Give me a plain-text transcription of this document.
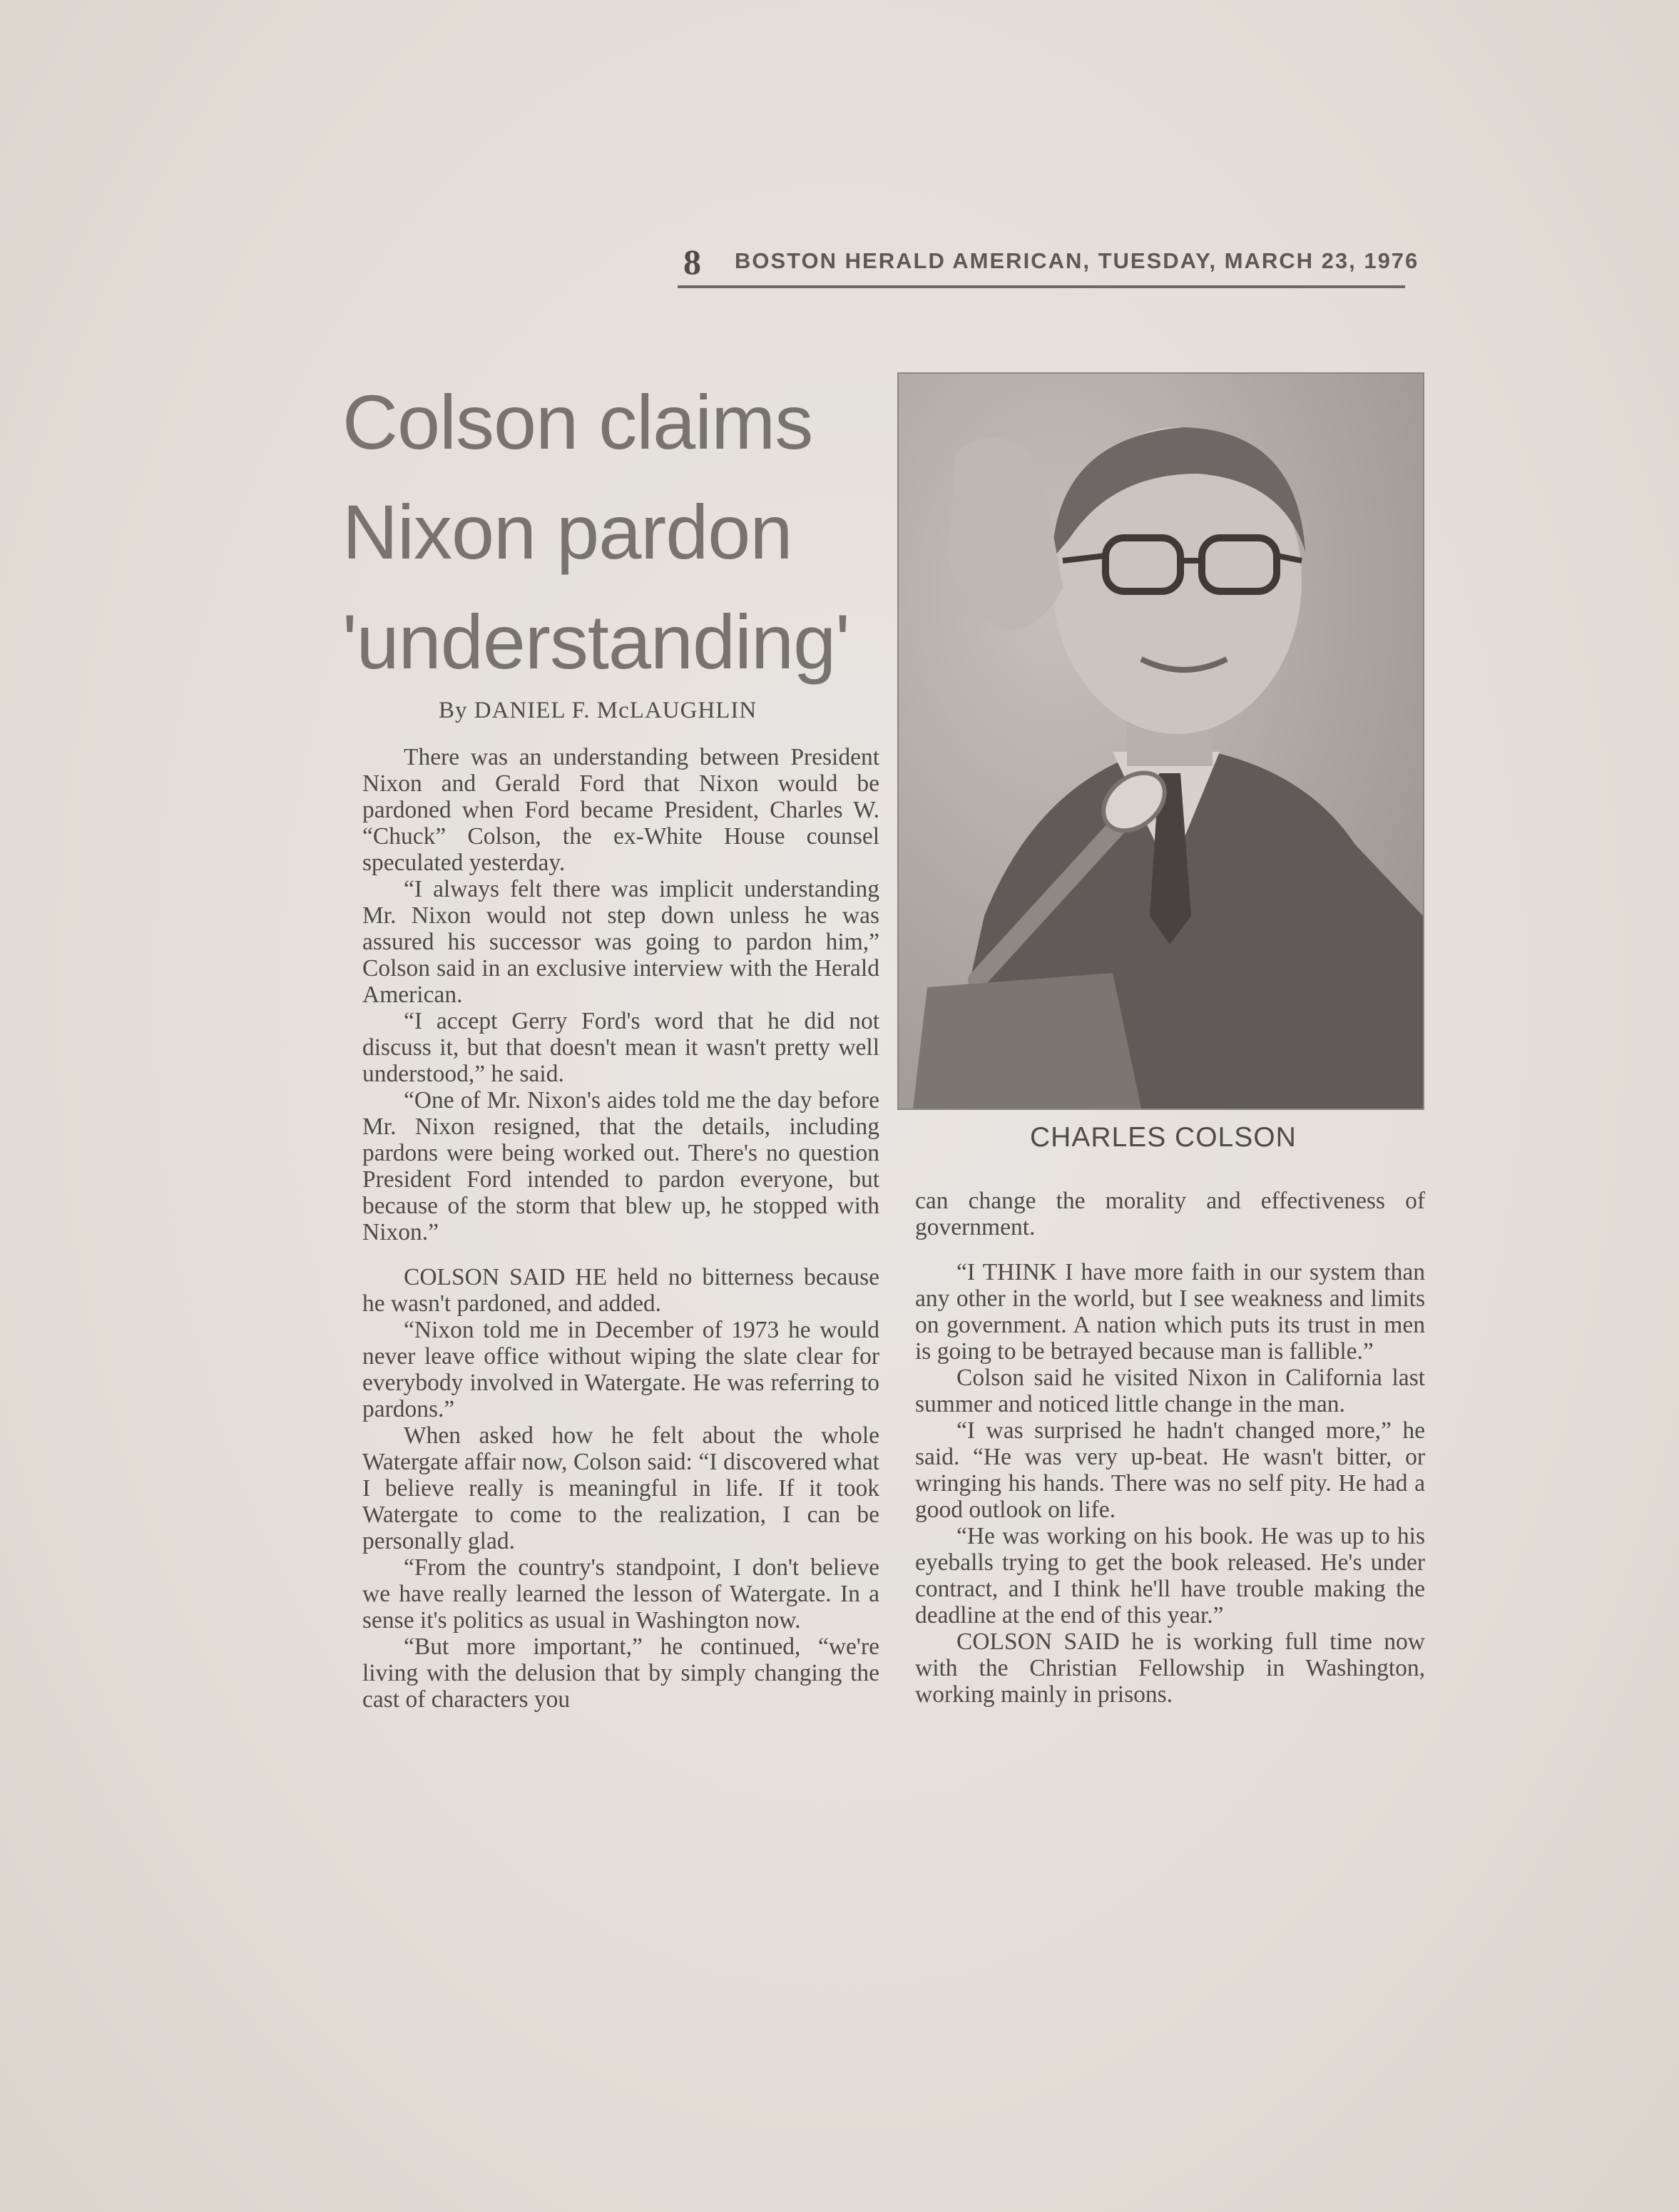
8 BOSTON HERALD AMERICAN, TUESDAY, MARCH 23, 1976
Colson claims
Nixon pardon
'understanding'
By DANIEL F. McLAUGHLIN

There was an understanding between President Nixon and Gerald Ford that Nixon would be pardoned when Ford became President, Charles W. “Chuck” Colson, the ex-White House counsel speculated yesterday.

“I always felt there was implicit understanding Mr. Nixon would not step down unless he was assured his successor was going to pardon him,” Colson said in an exclusive interview with the Herald American.

“I accept Gerry Ford's word that he did not discuss it, but that doesn't mean it wasn't pretty well understood,” he said.

“One of Mr. Nixon's aides told me the day before Mr. Nixon resigned, that the details, including pardons were being worked out. There's no question President Ford intended to pardon everyone, but because of the storm that blew up, he stopped with Nixon.”

COLSON SAID HE held no bitterness because he wasn't pardoned, and added.

“Nixon told me in December of 1973 he would never leave office without wiping the slate clear for everybody involved in Watergate. He was referring to pardons.”

When asked how he felt about the whole Watergate affair now, Colson said: “I discovered what I believe really is meaningful in life. If it took Watergate to come to the realization, I can be personally glad.

“From the country's standpoint, I don't believe we have really learned the lesson of Watergate. In a sense it's politics as usual in Washington now.

“But more important,” he continued, “we're living with the delusion that by simply changing the cast of characters you

CHARLES COLSON

can change the morality and effectiveness of government.

“I THINK I have more faith in our system than any other in the world, but I see weakness and limits on government. A nation which puts its trust in men is going to be betrayed because man is fallible.”

Colson said he visited Nixon in California last summer and noticed little change in the man.

“I was surprised he hadn't changed more,” he said. “He was very up-beat. He wasn't bitter, or wringing his hands. There was no self pity. He had a good outlook on life.

“He was working on his book. He was up to his eyeballs trying to get the book released. He's under contract, and I think he'll have trouble making the deadline at the end of this year.”

COLSON SAID he is working full time now with the Christian Fellowship in Washington, working mainly in prisons.
